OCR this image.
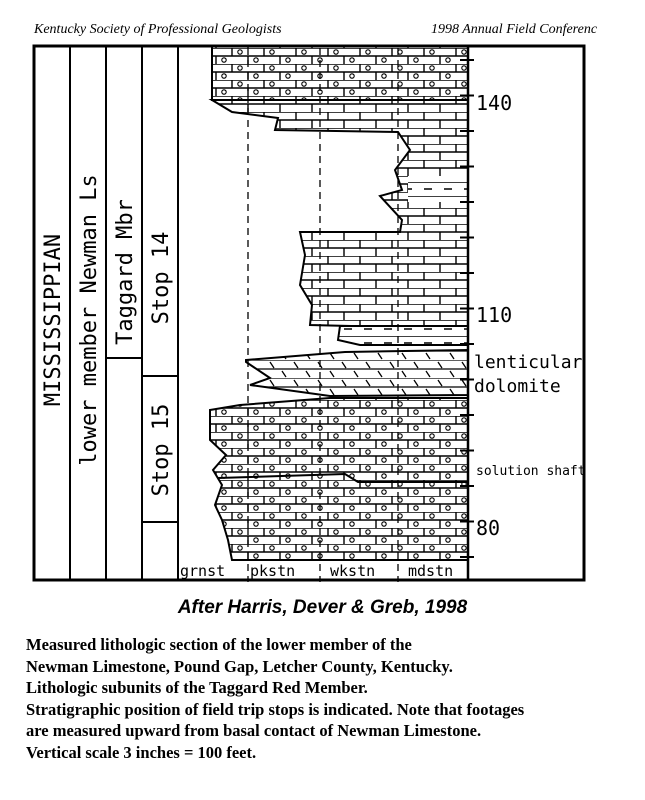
Kentucky Society of Professional Geologists	1998 Annual Field Conferenc
MISSISSIPPIAN lower member Newman Ls Taggard Mbr Stop 14
Stop 15
140
110
80
lenticular
dolomite
solution shaft
grnst pkstn wkstn mdstn
After Harris, Dever & Greb, 1998
Measured lithologic section of the lower member of the
Newman Limestone, Pound Gap, Letcher County, Kentucky.
Lithologic subunits of the Taggard Red Member.
Stratigraphic position of field trip stops is indicated. Note that footages
are measured upward from basal contact of Newman Limestone.
Vertical scale 3 inches = 100 feet.
